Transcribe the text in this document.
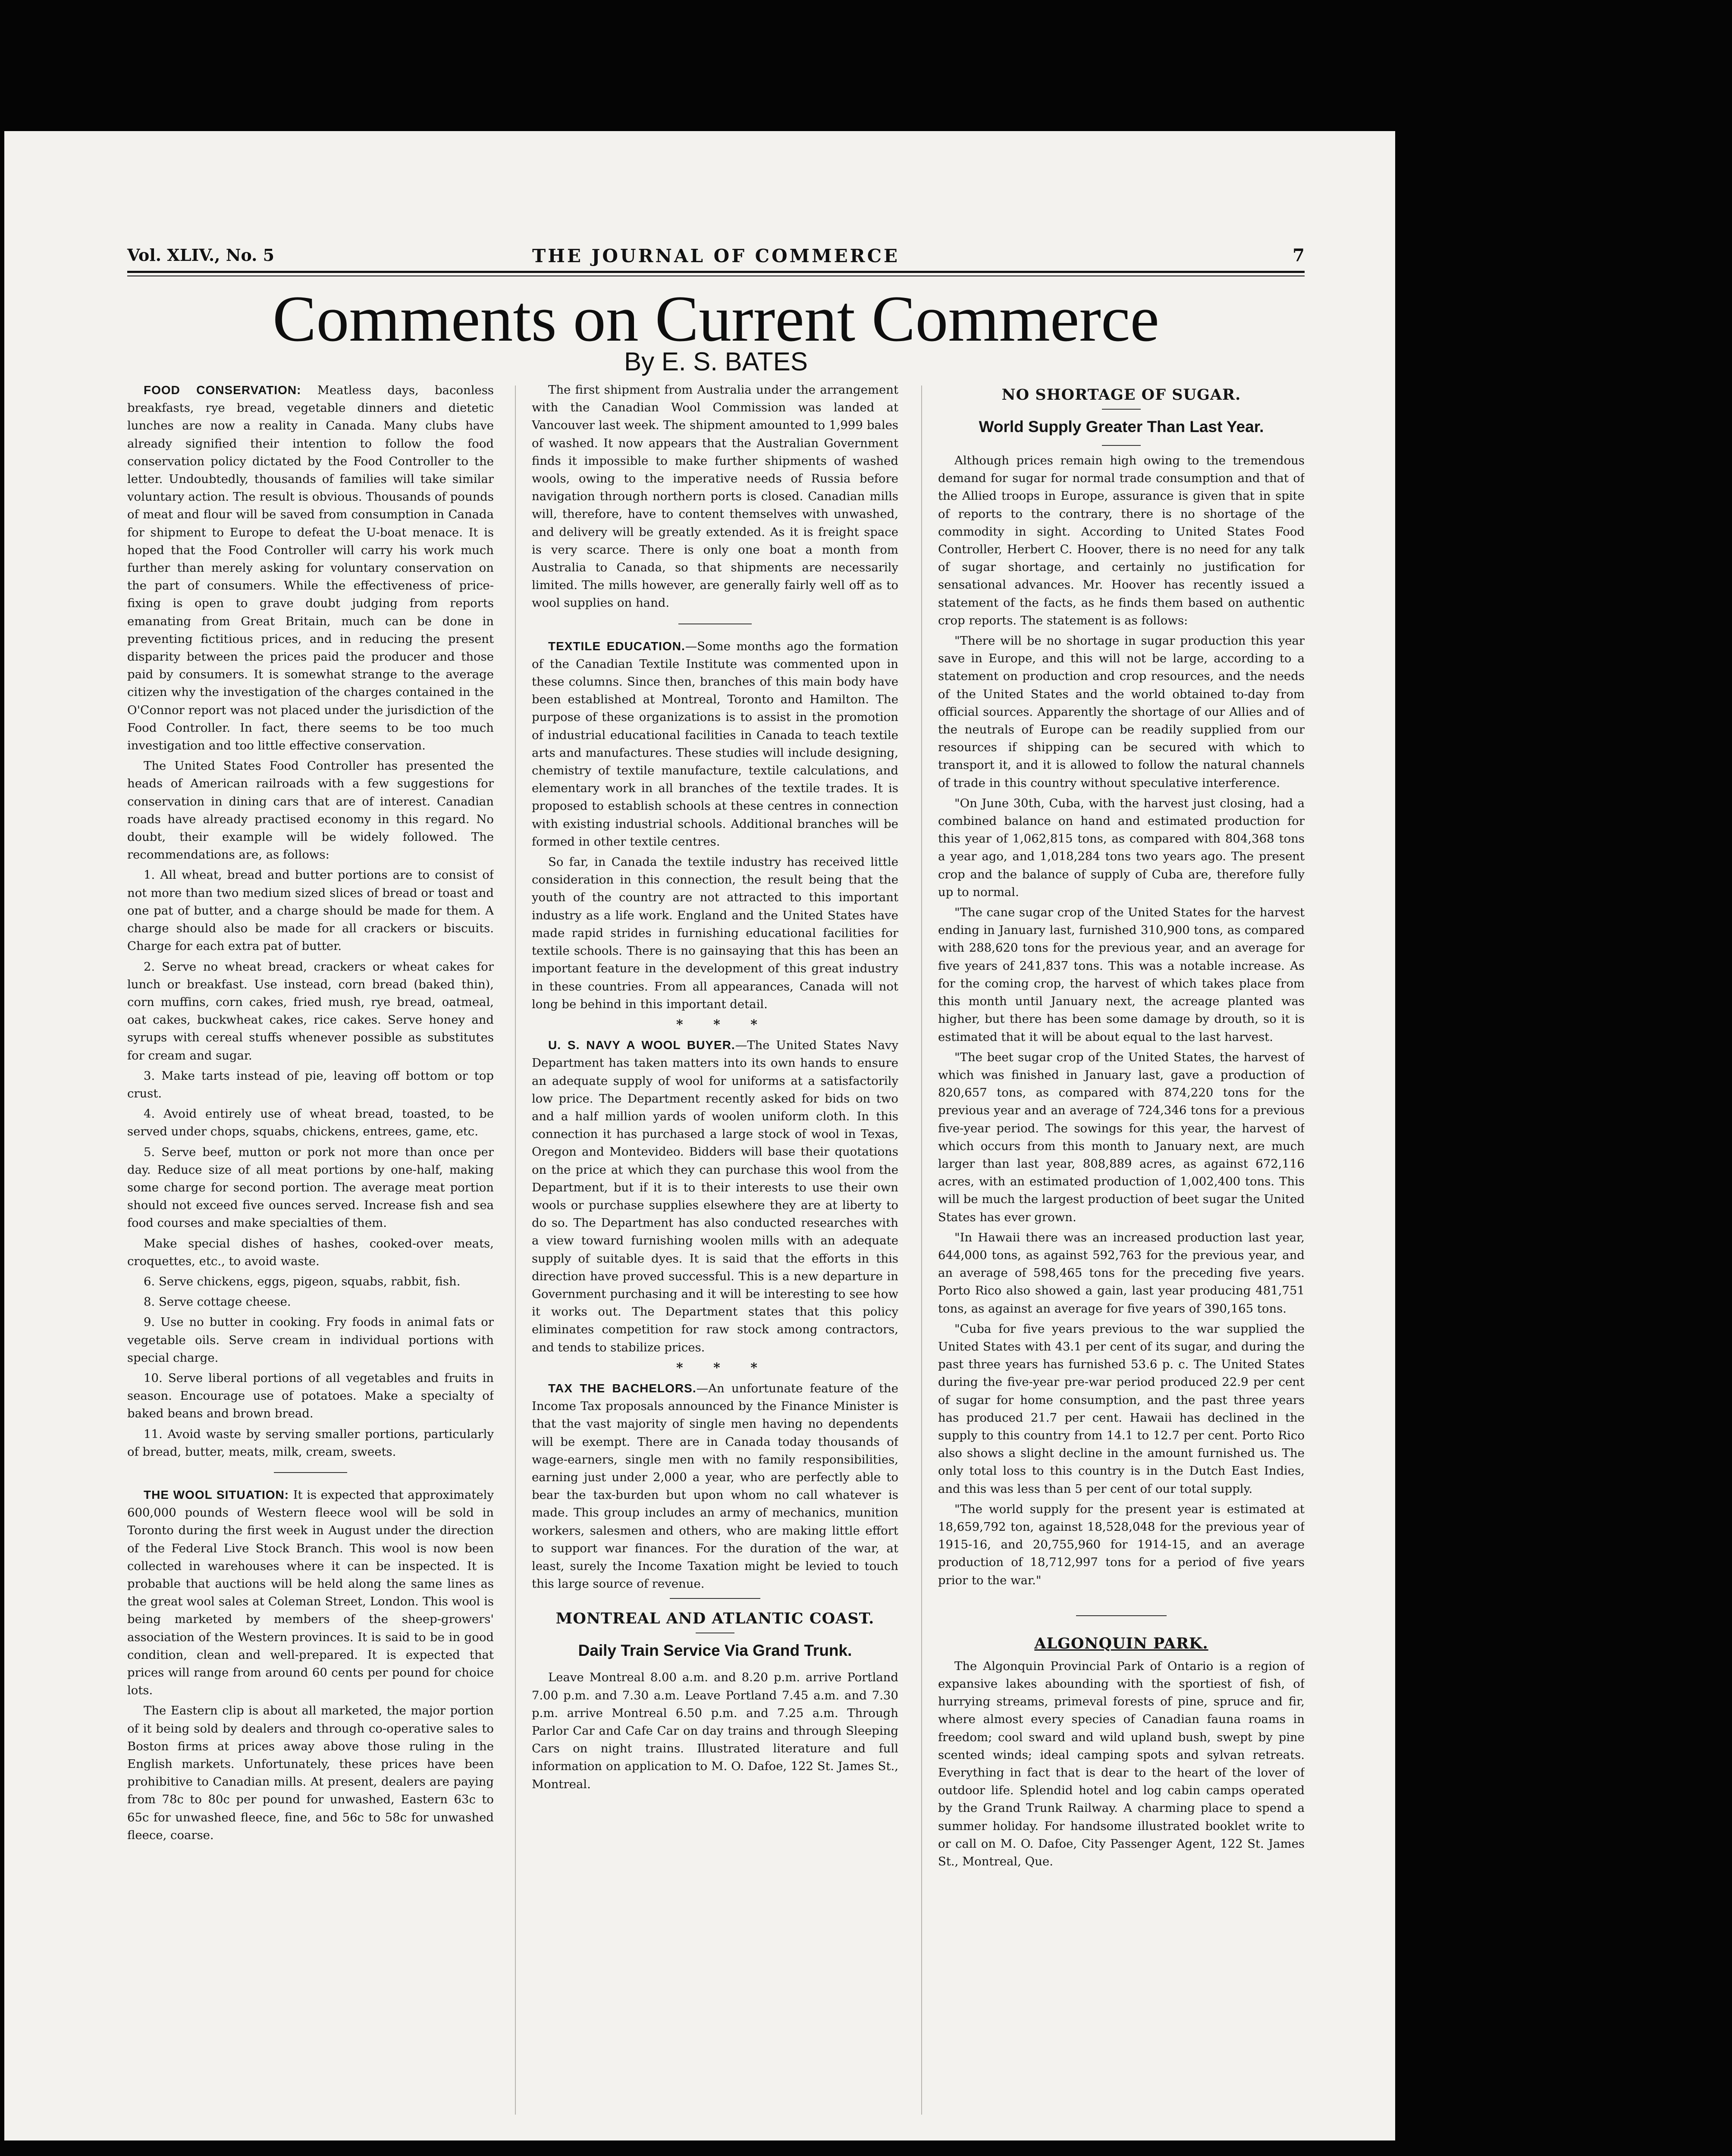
Vol. XLIV., No. 5	THE JOURNAL OF COMMERCE	7
Comments on Current Commerce
By E. S. BATES

FOOD CONSERVATION: Meatless days, baconless breakfasts, rye bread, vegetable dinners and dietetic lunches are now a reality in Canada. Many clubs have already signified their intention to follow the food conservation policy dictated by the Food Controller to the letter. Undoubtedly, thousands of families will take similar voluntary action. The result is obvious. Thousands of pounds of meat and flour will be saved from consumption in Canada for shipment to Europe to defeat the U-boat menace. It is hoped that the Food Controller will carry his work much further than merely asking for voluntary conservation on the part of consumers. While the effectiveness of price-fixing is open to grave doubt judging from reports emanating from Great Britain, much can be done in preventing fictitious prices, and in reducing the present disparity between the prices paid the producer and those paid by consumers. It is somewhat strange to the average citizen why the investigation of the charges contained in the O'Connor report was not placed under the jurisdiction of the Food Controller. In fact, there seems to be too much investigation and too little effective conservation.

The United States Food Controller has presented the heads of American railroads with a few suggestions for conservation in dining cars that are of interest. Canadian roads have already practised economy in this regard. No doubt, their example will be widely followed. The recommendations are, as follows:

1. All wheat, bread and butter portions are to consist of not more than two medium sized slices of bread or toast and one pat of butter, and a charge should be made for them. A charge should also be made for all crackers or biscuits. Charge for each extra pat of butter.
2. Serve no wheat bread, crackers or wheat cakes for lunch or breakfast. Use instead, corn bread (baked thin), corn muffins, corn cakes, fried mush, rye bread, oatmeal, oat cakes, buckwheat cakes, rice cakes. Serve honey and syrups with cereal stuffs whenever possible as substitutes for cream and sugar.
3. Make tarts instead of pie, leaving off bottom or top crust.
4. Avoid entirely use of wheat bread, toasted, to be served under chops, squabs, chickens, entrees, game, etc.
5. Serve beef, mutton or pork not more than once per day. Reduce size of all meat portions by one-half, making some charge for second portion. The average meat portion should not exceed five ounces served. Increase fish and sea food courses and make specialties of them.
Make special dishes of hashes, cooked-over meats, croquettes, etc., to avoid waste.
6. Serve chickens, eggs, pigeon, squabs, rabbit, fish.
8. Serve cottage cheese.
9. Use no butter in cooking. Fry foods in animal fats or vegetable oils. Serve cream in individual portions with special charge.
10. Serve liberal portions of all vegetables and fruits in season. Encourage use of potatoes. Make a specialty of baked beans and brown bread.
11. Avoid waste by serving smaller portions, particularly of bread, butter, meats, milk, cream, sweets.

THE WOOL SITUATION: It is expected that approximately 600,000 pounds of Western fleece wool will be sold in Toronto during the first week in August under the direction of the Federal Live Stock Branch. This wool is now been collected in warehouses where it can be inspected. It is probable that auctions will be held along the same lines as the great wool sales at Coleman Street, London. This wool is being marketed by members of the sheep-growers' association of the Western provinces. It is said to be in good condition, clean and well-prepared. It is expected that prices will range from around 60 cents per pound for choice lots.

The Eastern clip is about all marketed, the major portion of it being sold by dealers and through co-operative sales to Boston firms at prices away above those ruling in the English markets. Unfortunately, these prices have been prohibitive to Canadian mills. At present, dealers are paying from 78c to 80c per pound for unwashed, Eastern 63c to 65c for unwashed fleece, fine, and 56c to 58c for unwashed fleece, coarse.

The first shipment from Australia under the arrangement with the Canadian Wool Commission was landed at Vancouver last week. The shipment amounted to 1,999 bales of washed. It now appears that the Australian Government finds it impossible to make further shipments of washed wools, owing to the imperative needs of Russia before navigation through northern ports is closed. Canadian mills will, therefore, have to content themselves with unwashed, and delivery will be greatly extended. As it is freight space is very scarce. There is only one boat a month from Australia to Canada, so that shipments are necessarily limited. The mills however, are generally fairly well off as to wool supplies on hand.

TEXTILE EDUCATION.—Some months ago the formation of the Canadian Textile Institute was commented upon in these columns. Since then, branches of this main body have been established at Montreal, Toronto and Hamilton. The purpose of these organizations is to assist in the promotion of industrial educational facilities in Canada to teach textile arts and manufactures. These studies will include designing, chemistry of textile manufacture, textile calculations, and elementary work in all branches of the textile trades. It is proposed to establish schools at these centres in connection with existing industrial schools. Additional branches will be formed in other textile centres.

So far, in Canada the textile industry has received little consideration in this connection, the result being that the youth of the country are not attracted to this important industry as a life work. England and the United States have made rapid strides in furnishing educational facilities for textile schools. There is no gainsaying that this has been an important feature in the development of this great industry in these countries. From all appearances, Canada will not long be behind in this important detail.

* * *

U. S. NAVY A WOOL BUYER.—The United States Navy Department has taken matters into its own hands to ensure an adequate supply of wool for uniforms at a satisfactorily low price. The Department recently asked for bids on two and a half million yards of woolen uniform cloth. In this connection it has purchased a large stock of wool in Texas, Oregon and Montevideo. Bidders will base their quotations on the price at which they can purchase this wool from the Department, but if it is to their interests to use their own wools or purchase supplies elsewhere they are at liberty to do so. The Department has also conducted researches with a view toward furnishing woolen mills with an adequate supply of suitable dyes. It is said that the efforts in this direction have proved successful. This is a new departure in Government purchasing and it will be interesting to see how it works out. The Department states that this policy eliminates competition for raw stock among contractors, and tends to stabilize prices.

* * *

TAX THE BACHELORS.—An unfortunate feature of the Income Tax proposals announced by the Finance Minister is that the vast majority of single men having no dependents will be exempt. There are in Canada today thousands of wage-earners, single men with no family responsibilities, earning just under 2,000 a year, who are perfectly able to bear the tax-burden but upon whom no call whatever is made. This group includes an army of mechanics, munition workers, salesmen and others, who are making little effort to support war finances. For the duration of the war, at least, surely the Income Taxation might be levied to touch this large source of revenue.

MONTREAL AND ATLANTIC COAST.
Daily Train Service Via Grand Trunk.

Leave Montreal 8.00 a.m. and 8.20 p.m. arrive Portland 7.00 p.m. and 7.30 a.m. Leave Portland 7.45 a.m. and 7.30 p.m. arrive Montreal 6.50 p.m. and 7.25 a.m. Through Parlor Car and Cafe Car on day trains and through Sleeping Cars on night trains. Illustrated literature and full information on application to M. O. Dafoe, 122 St. James St., Montreal.

NO SHORTAGE OF SUGAR.
World Supply Greater Than Last Year.

Although prices remain high owing to the tremendous demand for sugar for normal trade consumption and that of the Allied troops in Europe, assurance is given that in spite of reports to the contrary, there is no shortage of the commodity in sight. According to United States Food Controller, Herbert C. Hoover, there is no need for any talk of sugar shortage, and certainly no justification for sensational advances. Mr. Hoover has recently issued a statement of the facts, as he finds them based on authentic crop reports. The statement is as follows:

"There will be no shortage in sugar production this year save in Europe, and this will not be large, according to a statement on production and crop resources, and the needs of the United States and the world obtained to-day from official sources. Apparently the shortage of our Allies and of the neutrals of Europe can be readily supplied from our resources if shipping can be secured with which to transport it, and it is allowed to follow the natural channels of trade in this country without speculative interference.

"On June 30th, Cuba, with the harvest just closing, had a combined balance on hand and estimated production for this year of 1,062,815 tons, as compared with 804,368 tons a year ago, and 1,018,284 tons two years ago. The present crop and the balance of supply of Cuba are, therefore fully up to normal.

"The cane sugar crop of the United States for the harvest ending in January last, furnished 310,900 tons, as compared with 288,620 tons for the previous year, and an average for five years of 241,837 tons. This was a notable increase. As for the coming crop, the harvest of which takes place from this month until January next, the acreage planted was higher, but there has been some damage by drouth, so it is estimated that it will be about equal to the last harvest.

"The beet sugar crop of the United States, the harvest of which was finished in January last, gave a production of 820,657 tons, as compared with 874,220 tons for the previous year and an average of 724,346 tons for a previous five-year period. The sowings for this year, the harvest of which occurs from this month to January next, are much larger than last year, 808,889 acres, as against 672,116 acres, with an estimated production of 1,002,400 tons. This will be much the largest production of beet sugar the United States has ever grown.

"In Hawaii there was an increased production last year, 644,000 tons, as against 592,763 for the previous year, and an average of 598,465 tons for the preceding five years. Porto Rico also showed a gain, last year producing 481,751 tons, as against an average for five years of 390,165 tons.

"Cuba for five years previous to the war supplied the United States with 43.1 per cent of its sugar, and during the past three years has furnished 53.6 p. c. The United States during the five-year pre-war period produced 22.9 per cent of sugar for home consumption, and the past three years has produced 21.7 per cent. Hawaii has declined in the supply to this country from 14.1 to 12.7 per cent. Porto Rico also shows a slight decline in the amount furnished us. The only total loss to this country is in the Dutch East Indies, and this was less than 5 per cent of our total supply.

"The world supply for the present year is estimated at 18,659,792 ton, against 18,528,048 for the previous year of 1915-16, and 20,755,960 for 1914-15, and an average production of 18,712,997 tons for a period of five years prior to the war."

ALGONQUIN PARK.

The Algonquin Provincial Park of Ontario is a region of expansive lakes abounding with the sportiest of fish, of hurrying streams, primeval forests of pine, spruce and fir, where almost every species of Canadian fauna roams in freedom; cool sward and wild upland bush, swept by pine scented winds; ideal camping spots and sylvan retreats. Everything in fact that is dear to the heart of the lover of outdoor life. Splendid hotel and log cabin camps operated by the Grand Trunk Railway. A charming place to spend a summer holiday. For handsome illustrated booklet write to or call on M. O. Dafoe, City Passenger Agent, 122 St. James St., Montreal, Que.
